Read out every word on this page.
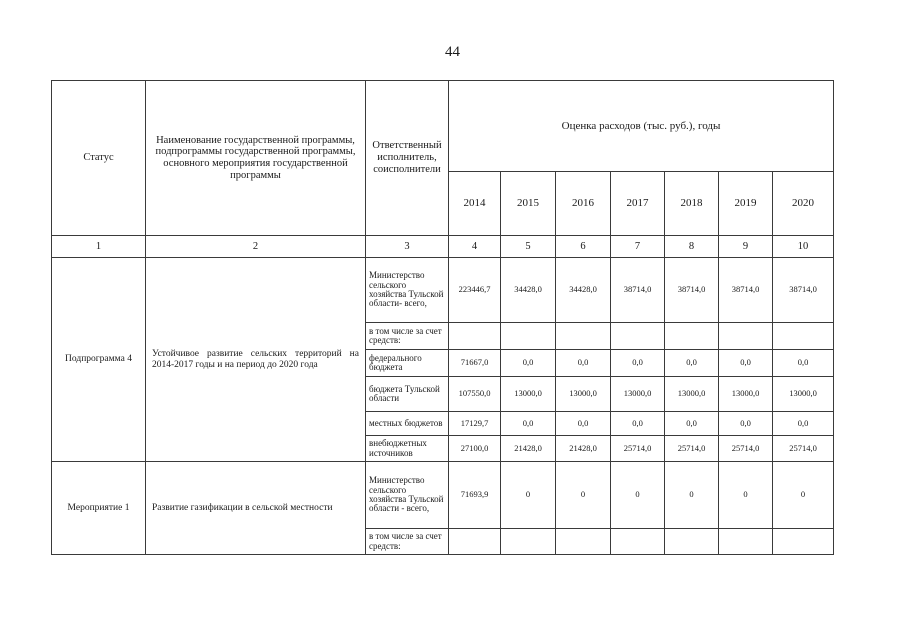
44
Статус	Наименование государственной программы, подпрограммы государственной программы, основного мероприятия государственной программы	Ответственный исполнитель, соисполнители	Оценка расходов (тыс. руб.), годы						
			2014	2015	2016	2017	2018	2019	2020
1	2	3	4	5	6	7	8	9	10
Подпрограмма 4	Устойчивое развитие сельских территорий на 2014-2017 годы и на период до 2020 года	Министерство сельского хозяйства Тульской области- всего,	223446,7	34428,0	34428,0	38714,0	38714,0	38714,0	38714,0
		в том числе за счет средств:							
		федерального бюджета	71667,0	0,0	0,0	0,0	0,0	0,0	0,0
		бюджета Тульской области	107550,0	13000,0	13000,0	13000,0	13000,0	13000,0	13000,0
		местных бюджетов	17129,7	0,0	0,0	0,0	0,0	0,0	0,0
		внебюджетных источников	27100,0	21428,0	21428,0	25714,0	25714,0	25714,0	25714,0
Мероприятие 1	Развитие газификации в сельской местности	Министерство сельского хозяйства Тульской области - всего,	71693,9	0	0	0	0	0	0
		в том числе за счет средств:							
